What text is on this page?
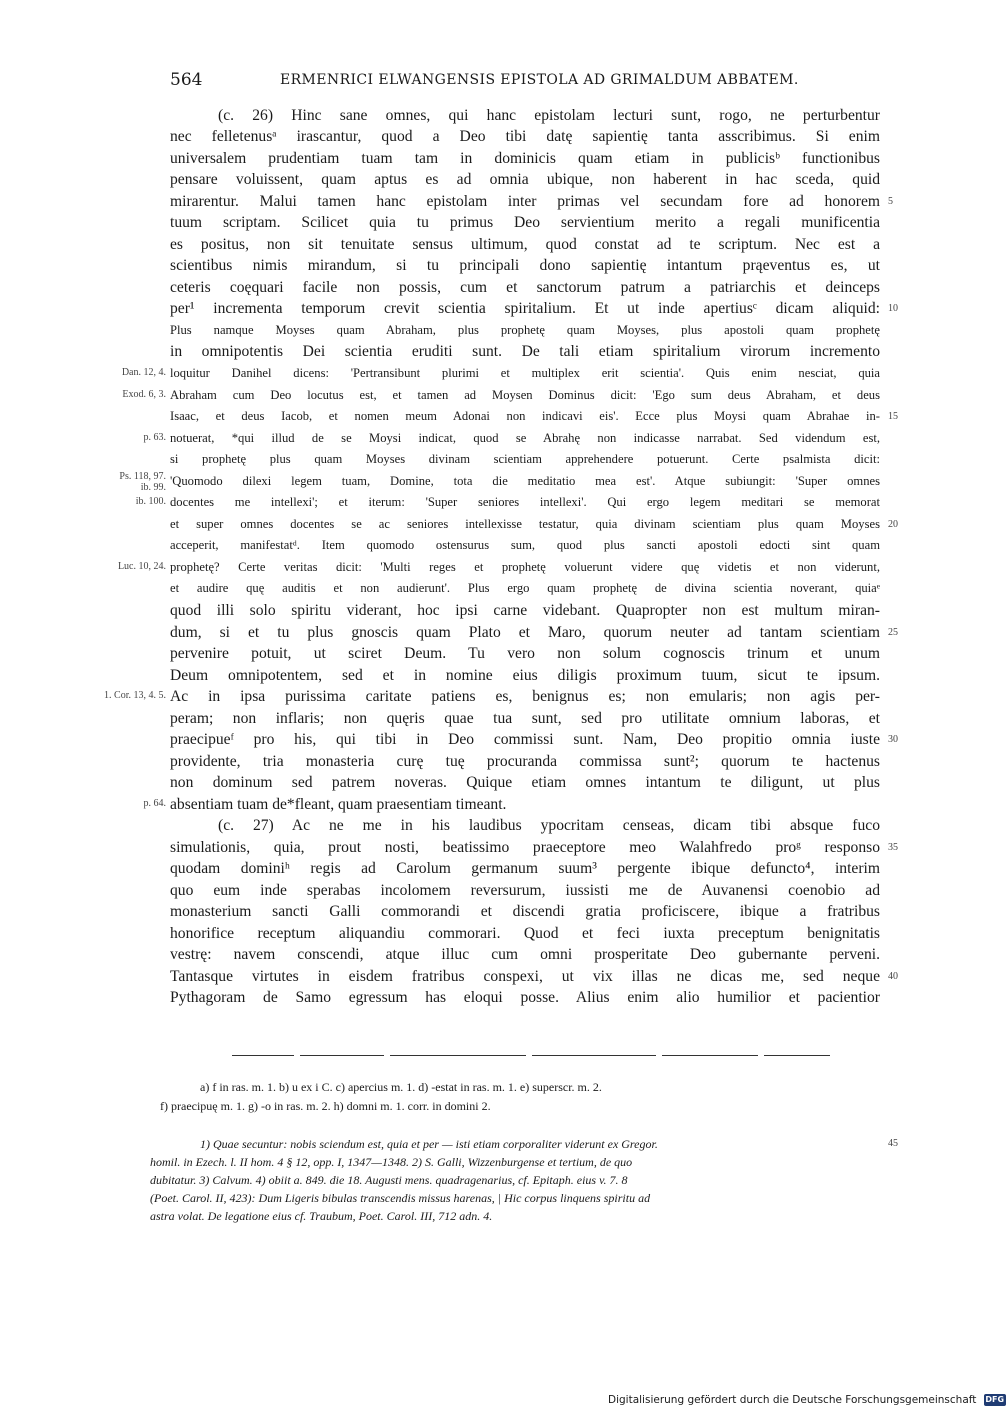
564	ERMENRICI ELWANGENSIS EPISTOLA AD GRIMALDUM ABBATEM.
(c. 26) Hinc sane omnes, qui hanc epistolam lecturi sunt, rogo, ne perturbentur
nec felletenusᵃ irascantur, quod a Deo tibi datę sapientię tanta asscribimus. Si enim
universalem prudentiam tuam tam in dominicis quam etiam in publicisᵇ functionibus
pensare voluissent, quam aptus es ad omnia ubique, non haberent in hac sceda, quid
mirarentur. Malui tamen hanc epistolam inter primas vel secundam fore ad honorem
tuum scriptam. Scilicet quia tu primus Deo servientium merito a regali munificentia
es positus, non sit tenuitate sensus ultimum, quod constat ad te scriptum. Nec est a
scientibus nimis mirandum, si tu principali dono sapientię intantum prąeventus es, ut
ceteris coęquari facile non possis, cum et sanctorum patrum a patriarchis et deinceps
per¹ incrementa temporum crevit scientia spiritalium. Et ut inde apertiusᶜ dicam aliquid:
Plus namque Moyses quam Abraham, plus prophetę quam Moyses, plus apostoli quam prophetę
in omnipotentis Dei scientia eruditi sunt. De tali etiam spiritalium virorum incremento
loquitur Danihel dicens: 'Pertransibunt plurimi et multiplex erit scientia'. Quis enim nesciat, quia
Abraham cum Deo locutus est, et tamen ad Moysen Dominus dicit: 'Ego sum deus Abraham, et deus
Isaac, et deus Iacob, et nomen meum Adonai non indicavi eis'. Ecce plus Moysi quam Abrahae in-
notuerat, *qui illud de se Moysi indicat, quod se Abrahę non indicasse narrabat. Sed videndum est,
si prophetę plus quam Moyses divinam scientiam apprehendere potuerunt. Certe psalmista dicit:
'Quomodo dilexi legem tuam, Domine, tota die meditatio mea est'. Atque subiungit: 'Super omnes
docentes me intellexi'; et iterum: 'Super seniores intellexi'. Qui ergo legem meditari se memorat
et super omnes docentes se ac seniores intellexisse testatur, quia divinam scientiam plus quam Moyses
acceperit, manifestatᵈ. Item quomodo ostensurus sum, quod plus sancti apostoli edocti sint quam
prophetę? Certe veritas dicit: 'Multi reges et prophetę voluerunt videre quę videtis et non viderunt,
et audire quę auditis et non audierunt'. Plus ergo quam prophetę de divina scientia noverant, quiaᵉ
quod illi solo spiritu viderant, hoc ipsi carne videbant. Quapropter non est multum miran-
dum, si et tu plus gnoscis quam Plato et Maro, quorum neuter ad tantam scientiam
pervenire potuit, ut sciret Deum. Tu vero non solum cognoscis trinum et unum
Deum omnipotentem, sed et in nomine eius diligis proximum tuum, sicut te ipsum.
Ac in ipsa purissima caritate patiens es, benignus es; non emularis; non agis per-
peram; non inflaris; non quęris quae tua sunt, sed pro utilitate omnium laboras, et
praecipueᶠ pro his, qui tibi in Deo commissi sunt. Nam, Deo propitio omnia iuste
providente, tria monasteria curę tuę procuranda commissa sunt²; quorum te hactenus
non dominum sed patrem noveras. Quique etiam omnes intantum te diligunt, ut plus
absentiam tuam de*fleant, quam praesentiam timeant.
(c. 27) Ac ne me in his laudibus ypocritam censeas, dicam tibi absque fuco
simulationis, quia, prout nosti, beatissimo praeceptore meo Walahfredo proᵍ responso
quodam dominiʰ regis ad Carolum germanum suum³ pergente ibique defuncto⁴, interim
quo eum inde sperabas incolomem reversurum, iussisti me de Auvanensi coenobio ad
monasterium sancti Galli commorandi et discendi gratia proficiscere, ibique a fratribus
honorifice receptum aliquandiu commorari. Quod et feci iuxta preceptum benignitatis
vestrę: navem conscendi, atque illuc cum omni prosperitate Deo gubernante perveni.
Tantasque virtutes in eisdem fratribus conspexi, ut vix illas ne dicas me, sed neque
Pythagoram de Samo egressum has eloqui posse. Alius enim alio humilior et pacientior
Dan. 12, 4.
Exod. 6, 3.
p. 63.
Ps. 118, 97.
ib. 99.
ib. 100.
Luc. 10, 24.
1. Cor. 13, 4. 5.
p. 64.
5
10
15
20
25
30
35
40
a) f in ras. m. 1. b) u ex i C. c) apercius m. 1. d) -estat in ras. m. 1. e) superscr. m. 2.
f) praecipuę m. 1. g) -o in ras. m. 2. h) domni m. 1. corr. in domini 2.
1) Quae secuntur: nobis sciendum est, quia et per — isti etiam corporaliter viderunt ex Gregor.
homil. in Ezech. l. II hom. 4 § 12, opp. I, 1347—1348. 2) S. Galli, Wizzenburgense et tertium, de quo
dubitatur. 3) Calvum. 4) obiit a. 849. die 18. Augusti mens. quadragenarius, cf. Epitaph. eius v. 7. 8
(Poet. Carol. II, 423): Dum Ligeris bibulas transcendis missus harenas, | Hic corpus linquens spiritu ad
astra volat. De legatione eius cf. Traubum, Poet. Carol. III, 712 adn. 4.
45
Digitalisierung gefördert durch die Deutsche Forschungsgemeinschaft DFG
